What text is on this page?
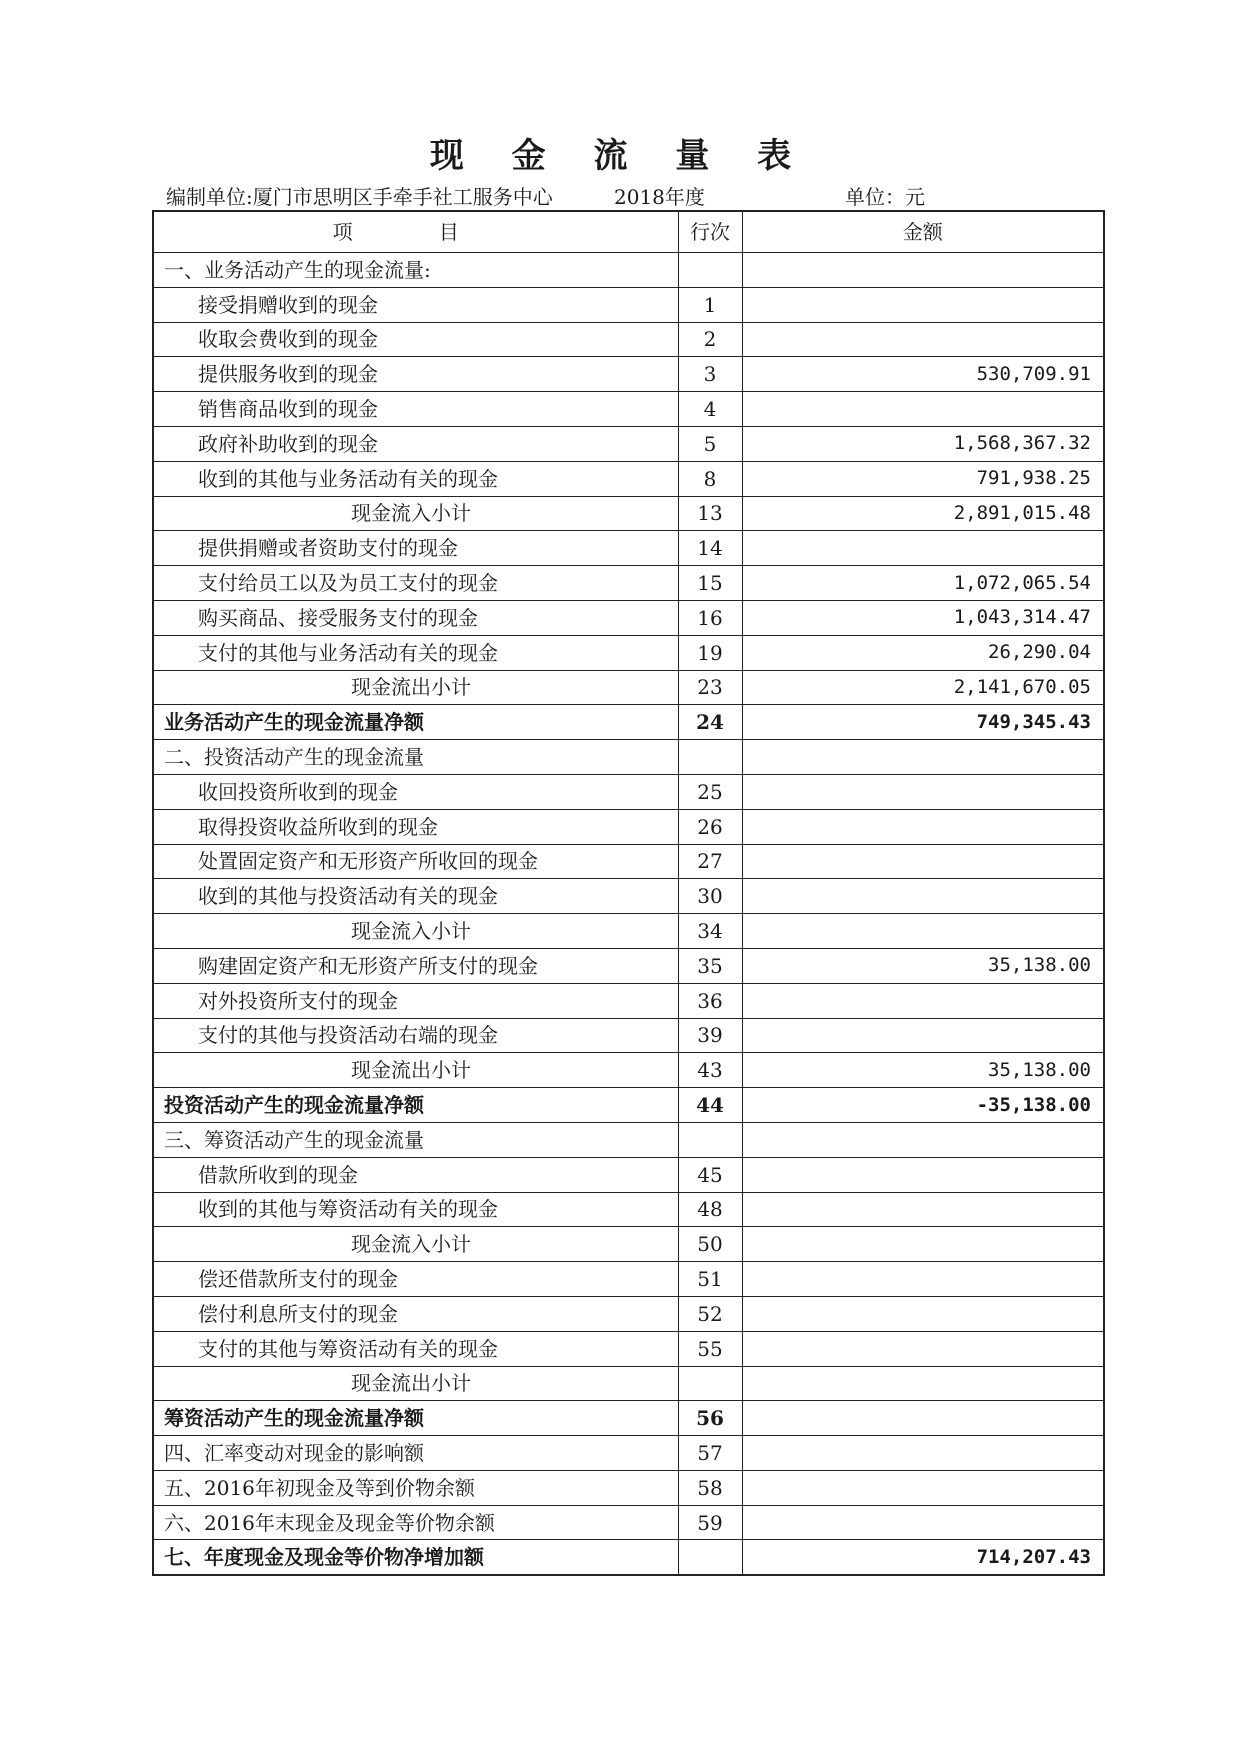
现 金 流 量 表
编制单位:厦门市思明区手牵手社工服务中心	2018年度	单位：元
项 目	行次	金额
一、业务活动产生的现金流量:		
接受捐赠收到的现金	1	
收取会费收到的现金	2	
提供服务收到的现金	3	530,709.91
销售商品收到的现金	4	
政府补助收到的现金	5	1,568,367.32
收到的其他与业务活动有关的现金	8	791,938.25
现金流入小计	13	2,891,015.48
提供捐赠或者资助支付的现金	14	
支付给员工以及为员工支付的现金	15	1,072,065.54
购买商品、接受服务支付的现金	16	1,043,314.47
支付的其他与业务活动有关的现金	19	26,290.04
现金流出小计	23	2,141,670.05
业务活动产生的现金流量净额	24	749,345.43
二、投资活动产生的现金流量		
收回投资所收到的现金	25	
取得投资收益所收到的现金	26	
处置固定资产和无形资产所收回的现金	27	
收到的其他与投资活动有关的现金	30	
现金流入小计	34	
购建固定资产和无形资产所支付的现金	35	35,138.00
对外投资所支付的现金	36	
支付的其他与投资活动右端的现金	39	
现金流出小计	43	35,138.00
投资活动产生的现金流量净额	44	-35,138.00
三、筹资活动产生的现金流量		
借款所收到的现金	45	
收到的其他与筹资活动有关的现金	48	
现金流入小计	50	
偿还借款所支付的现金	51	
偿付利息所支付的现金	52	
支付的其他与筹资活动有关的现金	55	
现金流出小计		
筹资活动产生的现金流量净额	56	
四、汇率变动对现金的影响额	57	
五、2016年初现金及等到价物余额	58	
六、2016年末现金及现金等价物余额	59	
七、年度现金及现金等价物净增加额		714,207.43
